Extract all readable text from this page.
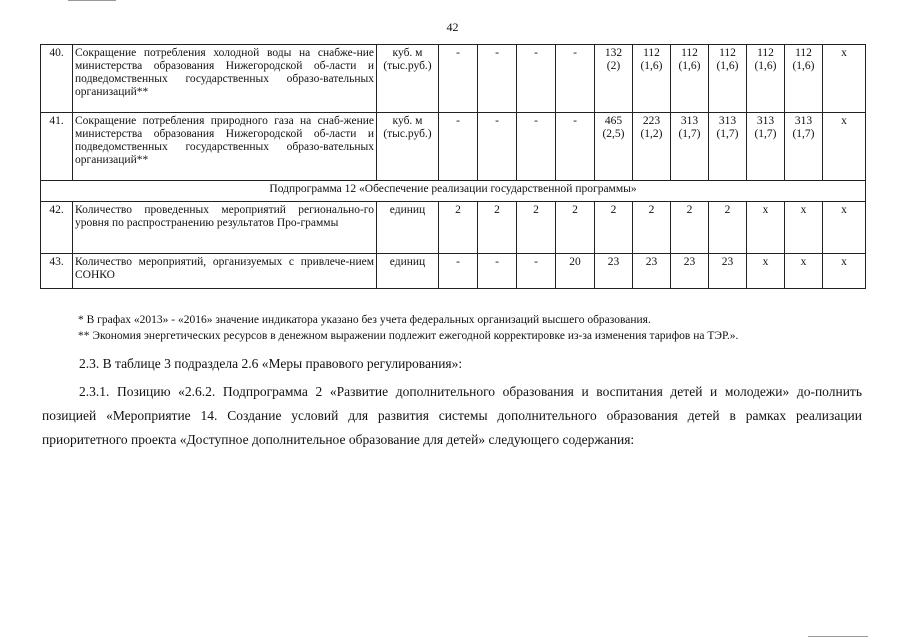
42
40.	Сокращение потребления холодной воды на снабже-ние министерства образования Нижегородской об-ласти и подведомственных государственных образо-вательных организаций**	куб. м (тыс.руб.)	-	-	-	-	132 (2)	112 (1,6)	112 (1,6)	112 (1,6)	112 (1,6)	112 (1,6)	х
41.	Сокращение потребления природного газа на снаб-жение министерства образования Нижегородской об-ласти и подведомственных государственных образо-вательных организаций**	куб. м (тыс.руб.)	-	-	-	-	465 (2,5)	223 (1,2)	313 (1,7)	313 (1,7)	313 (1,7)	313 (1,7)	х
Подпрограмма 12 «Обеспечение реализации государственной программы»													
42.	Количество проведенных мероприятий регионально-го уровня по распространению результатов Про-граммы	единиц	2	2	2	2	2	2	2	2	х	х	х
43.	Количество мероприятий, организуемых с привлече-нием СОНКО	единиц	-	-	-	20	23	23	23	23	х	х	х
* В графах «2013» - «2016» значение индикатора указано без учета федеральных организаций высшего образования.
** Экономия энергетических ресурсов в денежном выражении подлежит ежегодной корректировке из-за изменения тарифов на ТЭР.».
2.3. В таблице 3 подраздела 2.6 «Меры правового регулирования»:
2.3.1. Позицию «2.6.2. Подпрограмма 2 «Развитие дополнительного образования и воспитания детей и молодежи» до-полнить позицией «Мероприятие 14. Создание условий для развития системы дополнительного образования детей в рамках реализации приоритетного проекта «Доступное дополнительное образование для детей» следующего содержания:
